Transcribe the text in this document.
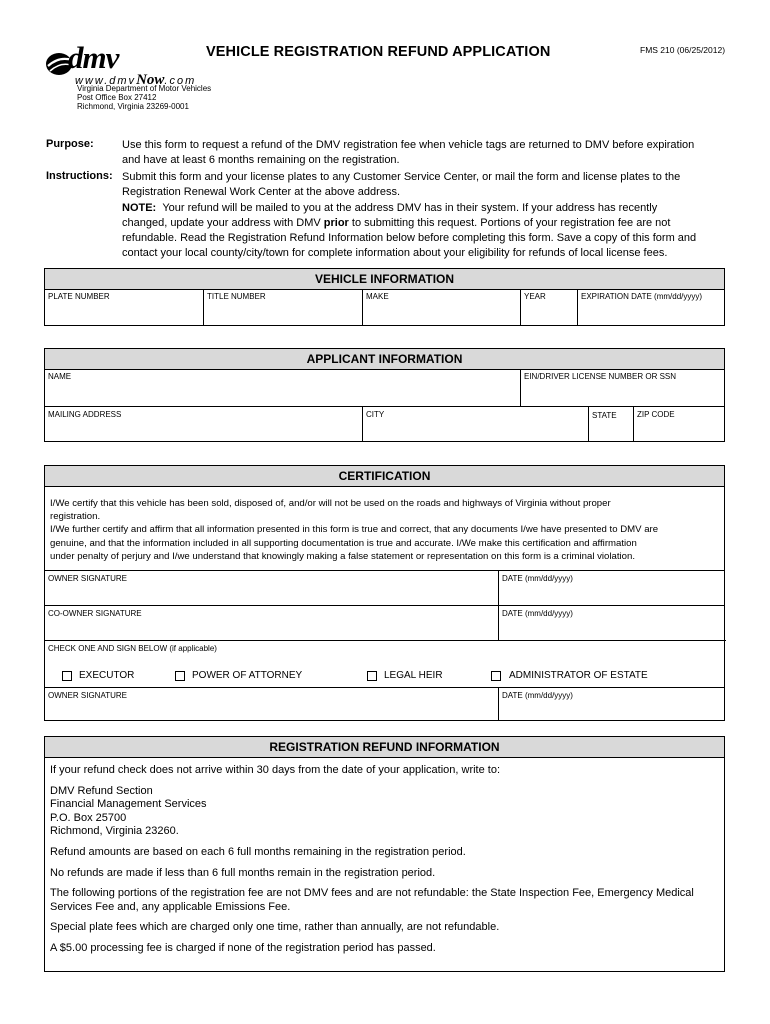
dmv
www.dmvNow.com
Virginia Department of Motor Vehicles
Post Office Box 27412
Richmond, Virginia 23269-0001
VEHICLE REGISTRATION REFUND APPLICATION	FMS 210 (06/25/2012)
Purpose:	Use this form to request a refund of the DMV registration fee when vehicle tags are returned to DMV before expiration
and have at least 6 months remaining on the registration.
Instructions: Submit this form and your license plates to any Customer Service Center, or mail the form and license plates to the
Registration Renewal Work Center at the above address.
NOTE: Your refund will be mailed to you at the address DMV has in their system. If your address has recently
changed, update your address with DMV prior to submitting this request. Portions of your registration fee are not
refundable. Read the Registration Refund Information below before completing this form. Save a copy of this form and
contact your local county/city/town for complete information about your eligibility for refunds of local license fees.
VEHICLE INFORMATION
PLATE NUMBER	TITLE NUMBER	MAKE	YEAR	EXPIRATION DATE (mm/dd/yyyy)
APPLICANT INFORMATION
NAME	EIN/DRIVER LICENSE NUMBER OR SSN
MAILING ADDRESS	CITY	STATE	ZIP CODE
CERTIFICATION
I/We certify that this vehicle has been sold, disposed of, and/or will not be used on the roads and highways of Virginia without proper
registration.
I/We further certify and affirm that all information presented in this form is true and correct, that any documents I/we have presented to DMV are
genuine, and that the information included in all supporting documentation is true and accurate. I/We make this certification and affirmation
under penalty of perjury and I/we understand that knowingly making a false statement or representation on this form is a criminal violation.
OWNER SIGNATURE	DATE (mm/dd/yyyy)
CO-OWNER SIGNATURE	DATE (mm/dd/yyyy)
CHECK ONE AND SIGN BELOW (if applicable)
EXECUTOR	POWER OF ATTORNEY	LEGAL HEIR	ADMINISTRATOR OF ESTATE
OWNER SIGNATURE	DATE (mm/dd/yyyy)
REGISTRATION REFUND INFORMATION
If your refund check does not arrive within 30 days from the date of your application, write to:
DMV Refund Section
Financial Management Services
P.O. Box 25700
Richmond, Virginia 23260.
Refund amounts are based on each 6 full months remaining in the registration period.
No refunds are made if less than 6 full months remain in the registration period.
The following portions of the registration fee are not DMV fees and are not refundable: the State Inspection Fee, Emergency Medical
Services Fee and, any applicable Emissions Fee.
Special plate fees which are charged only one time, rather than annually, are not refundable.
A $5.00 processing fee is charged if none of the registration period has passed.
